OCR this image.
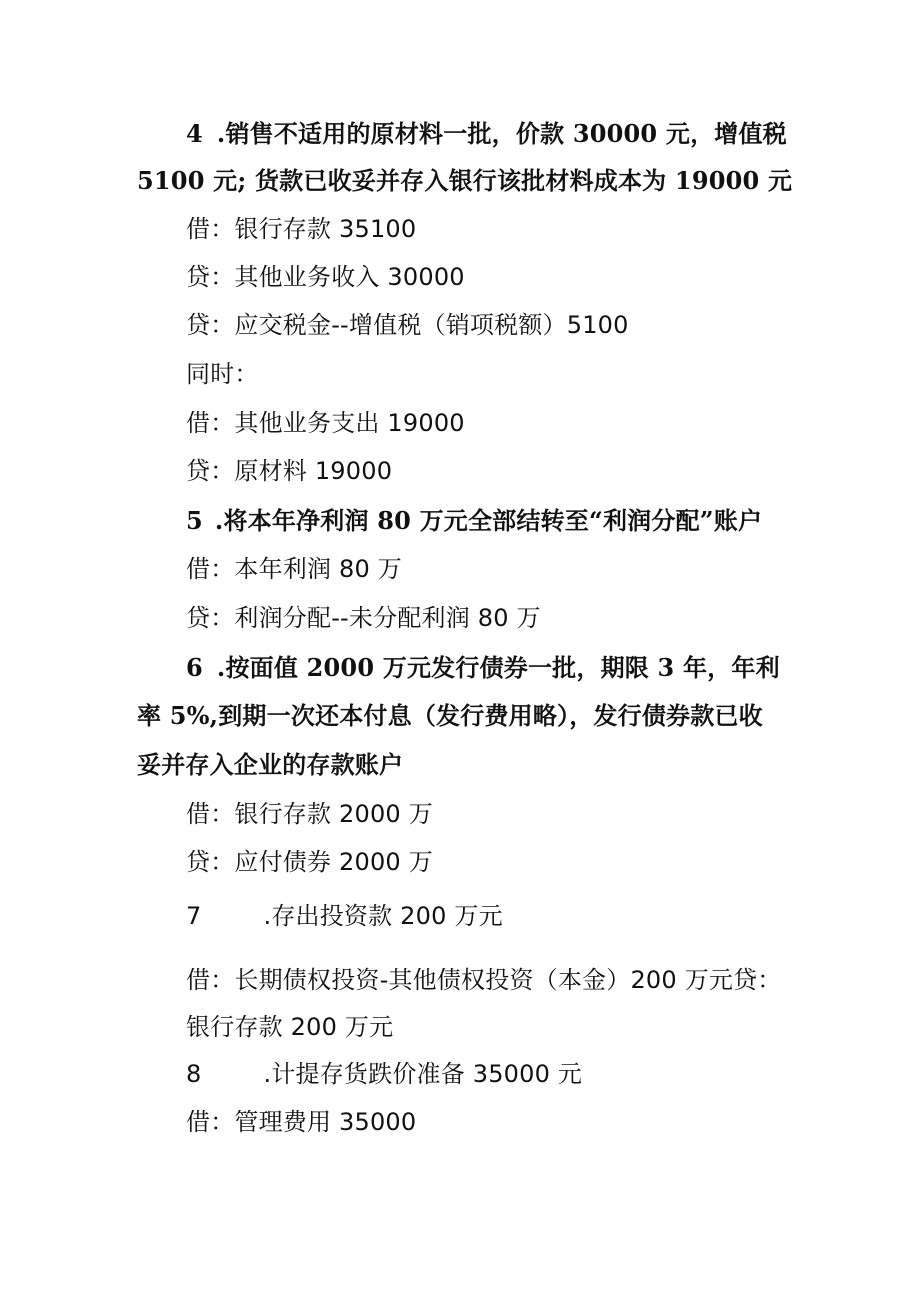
4 .销售不适用的原材料一批，价款 30000 元，增值税
5100 元; 货款已收妥并存入银行该批材料成本为 19000 元
借：银行存款 35100
贷：其他业务收入 30000
贷：应交税金--增值税（销项税额）5100
同时：
借：其他业务支出 19000
贷：原材料 19000
5 .将本年净利润 80 万元全部结转至“利润分配”账户
借：本年利润 80 万
贷：利润分配--未分配利润 80 万
6 .按面值 2000 万元发行债券一批，期限 3 年，年利
率 5%,到期一次还本付息（发行费用略），发行债券款已收
妥并存入企业的存款账户
借：银行存款 2000 万
贷：应付债券 2000 万
7	.存出投资款 200 万元
借：长期债权投资-其他债权投资（本金）200 万元贷：
银行存款 200 万元
8	.计提存货跌价准备 35000 元
借：管理费用 35000
